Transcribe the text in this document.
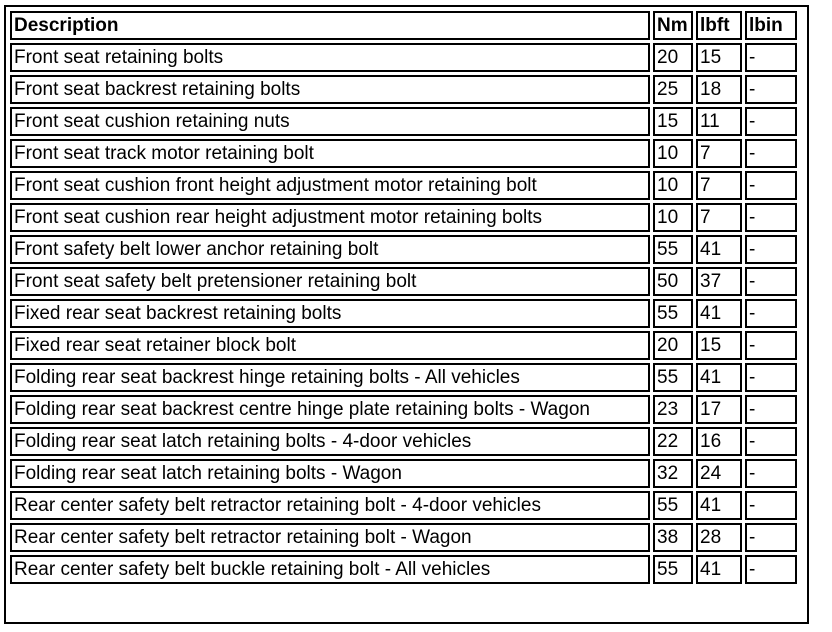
Description	Nm	lbft	lbin
Front seat retaining bolts	20	15	-
Front seat backrest retaining bolts	25	18	-
Front seat cushion retaining nuts	15	11	-
Front seat track motor retaining bolt	10	7	-
Front seat cushion front height adjustment motor retaining bolt	10	7	-
Front seat cushion rear height adjustment motor retaining bolts	10	7	-
Front safety belt lower anchor retaining bolt	55	41	-
Front seat safety belt pretensioner retaining bolt	50	37	-
Fixed rear seat backrest retaining bolts	55	41	-
Fixed rear seat retainer block bolt	20	15	-
Folding rear seat backrest hinge retaining bolts - All vehicles	55	41	-
Folding rear seat backrest centre hinge plate retaining bolts - Wagon	23	17	-
Folding rear seat latch retaining bolts - 4-door vehicles	22	16	-
Folding rear seat latch retaining bolts - Wagon	32	24	-
Rear center safety belt retractor retaining bolt - 4-door vehicles	55	41	-
Rear center safety belt retractor retaining bolt - Wagon	38	28	-
Rear center safety belt buckle retaining bolt - All vehicles	55	41	-
